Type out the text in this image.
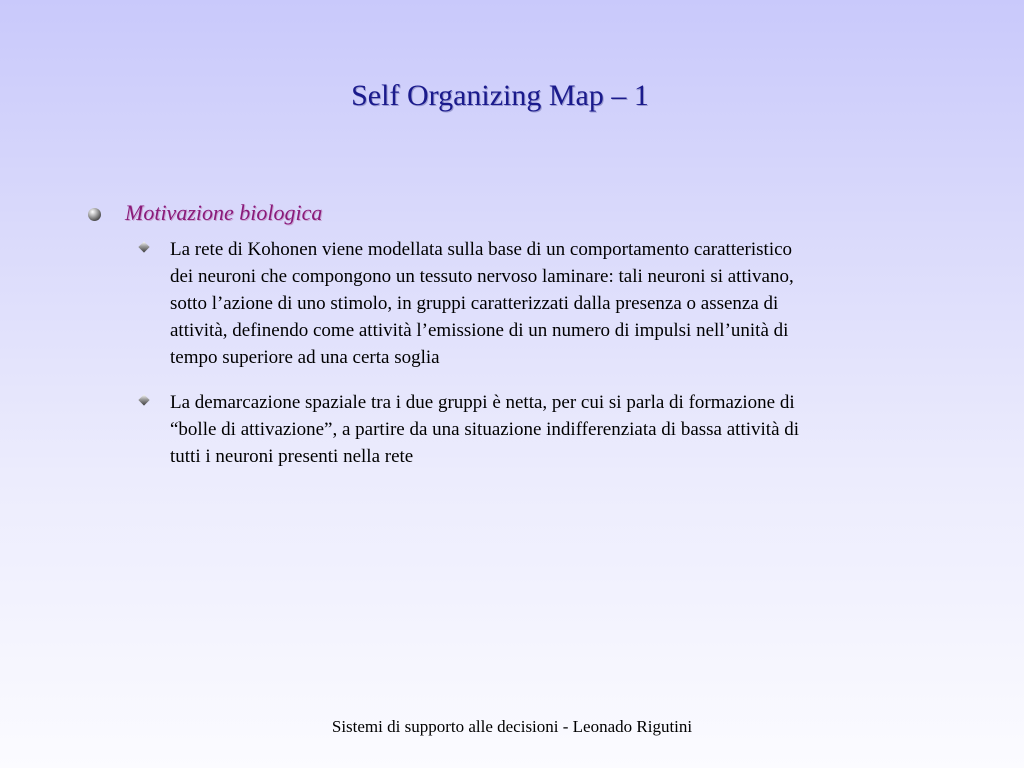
Self Organizing Map – 1
Motivazione biologica
La rete di Kohonen viene modellata sulla base di un comportamento caratteristico
dei neuroni che compongono un tessuto nervoso laminare: tali neuroni si attivano,
sotto l’azione di uno stimolo, in gruppi caratterizzati dalla presenza o assenza di
attività, definendo come attività l’emissione di un numero di impulsi nell’unità di
tempo superiore ad una certa soglia
La demarcazione spaziale tra i due gruppi è netta, per cui si parla di formazione di
“bolle di attivazione”, a partire da una situazione indifferenziata di bassa attività di
tutti i neuroni presenti nella rete
Sistemi di supporto alle decisioni - Leonado Rigutini
